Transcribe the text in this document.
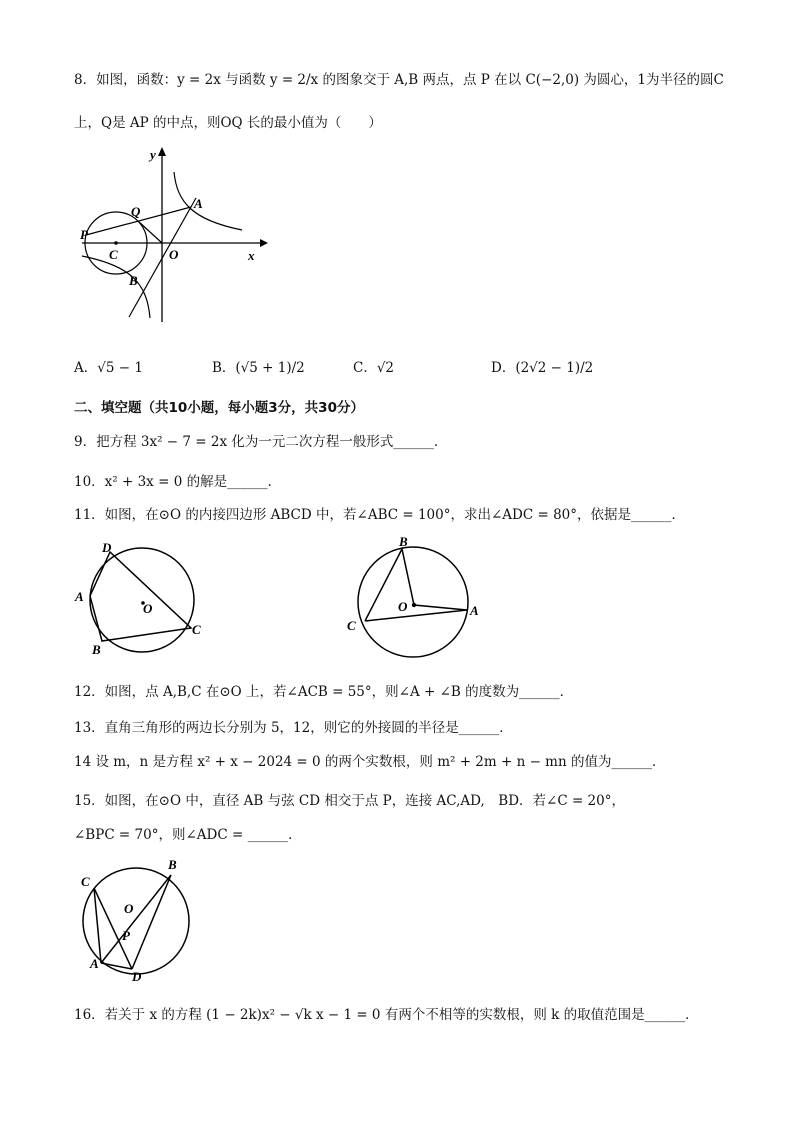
8．如图，函数：y = 2x 与函数 y = 2/x 的图象交于 A,B 两点，点 P 在以 C(−2,0) 为圆心，1为半径的圆C
上，Q是 AP 的中点，则OQ 长的最小值为（　　）
y
Q
A
P
C	O	x
B
A．√5 − 1	B．(√5 + 1)/2	C．√2	D．(2√2 − 1)/2
二、填空题（共10小题，每小题3分，共30分）
9．把方程 3x² − 7 = 2x 化为一元二次方程一般形式______．
10．x² + 3x = 0 的解是______．
11．如图，在⊙O 的内接四边形 ABCD 中，若∠ABC = 100°，求出∠ADC = 80°，依据是______．
D
A
O
C
B
B
O	A
C
12．如图，点 A,B,C 在⊙O 上，若∠ACB = 55°，则∠A + ∠B 的度数为______．
13．直角三角形的两边长分别为 5，12，则它的外接圆的半径是______．
14 设 m，n 是方程 x² + x − 2024 = 0 的两个实数根，则 m² + 2m + n − mn 的值为______．
15．如图，在⊙O 中，直径 AB 与弦 CD 相交于点 P，连接 AC,AD,　BD．若∠C = 20°，
∠BPC = 70°，则∠ADC = ______．
B
C
O
P
A
D
16．若关于 x 的方程 (1 − 2k)x² − √k x − 1 = 0 有两个不相等的实数根，则 k 的取值范围是______．
